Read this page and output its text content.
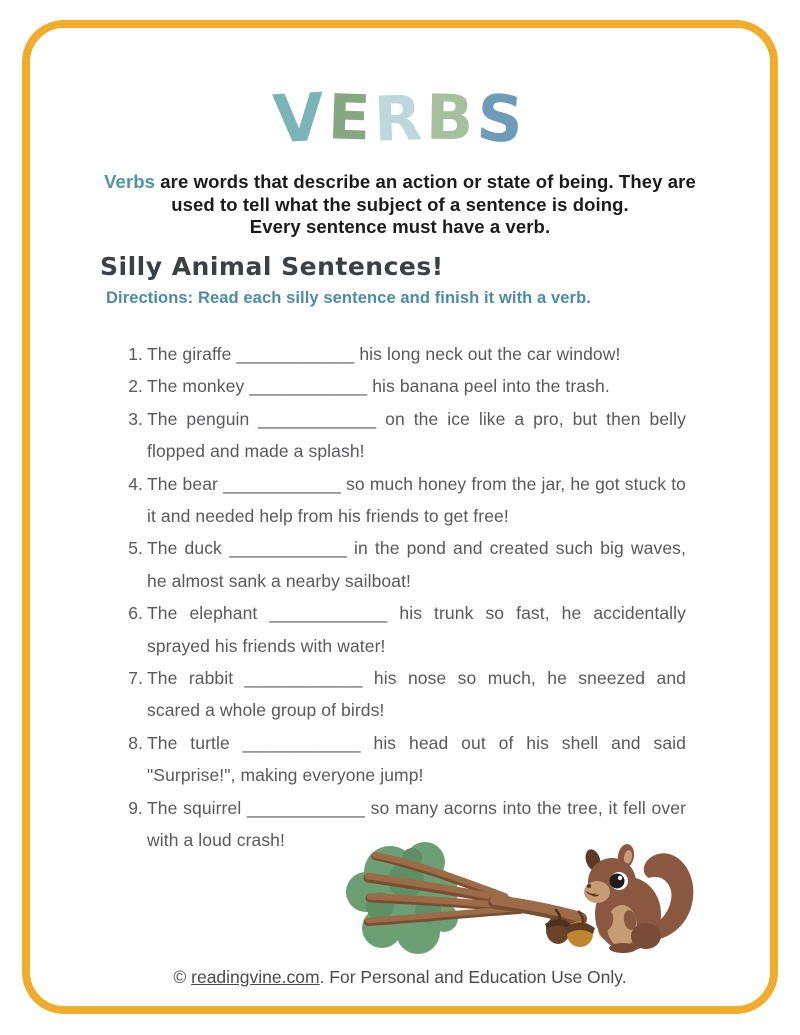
VERBS
Verbs are words that describe an action or state of being. They are
used to tell what the subject of a sentence is doing.
Every sentence must have a verb.
Silly Animal Sentences!
Directions: Read each silly sentence and finish it with a verb.
1. The giraffe ____________ his long neck out the car window!
2. The monkey ____________ his banana peel into the trash.
3. The penguin ____________ on the ice like a pro, but then belly flopped and made a splash!
4. The bear ____________ so much honey from the jar, he got stuck to it and needed help from his friends to get free!
5. The duck ____________ in the pond and created such big waves, he almost sank a nearby sailboat!
6. The elephant ____________ his trunk so fast, he accidentally sprayed his friends with water!
7. The rabbit ____________ his nose so much, he sneezed and scared a whole group of birds!
8. The turtle ____________ his head out of his shell and said "Surprise!", making everyone jump!
9. The squirrel ____________ so many acorns into the tree, it fell over with a loud crash!
© readingvine.com. For Personal and Education Use Only.
